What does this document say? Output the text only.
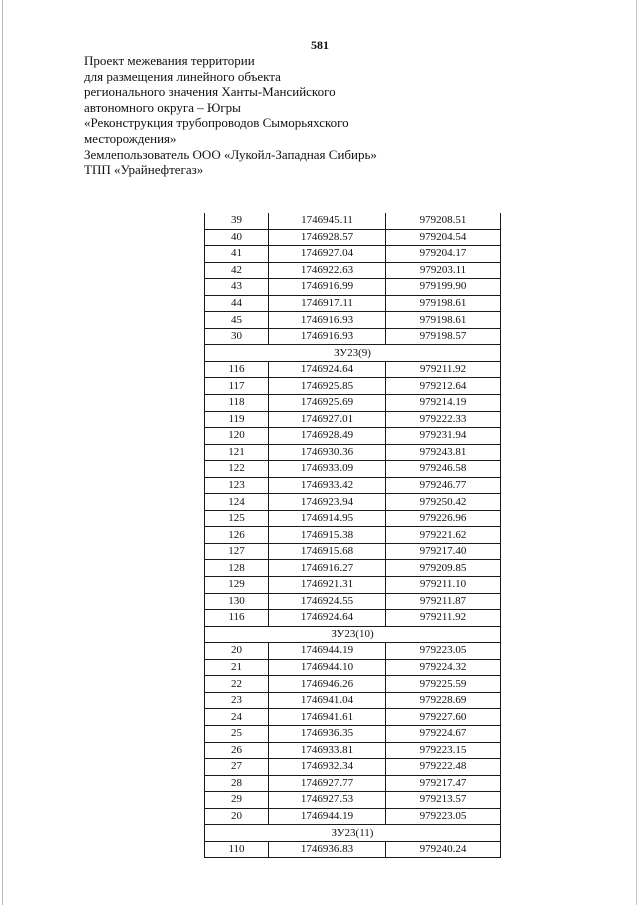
581
Проект межевания территории
для размещения линейного объекта
регионального значения Ханты-Мансийского
автономного округа – Югры
«Реконструкция трубопроводов Сыморьяхского
месторождения»
Землепользователь ООО «Лукойл-Западная Сибирь»
ТПП «Урайнефтегаз»
39	1746945.11	979208.51
40	1746928.57	979204.54
41	1746927.04	979204.17
42	1746922.63	979203.11
43	1746916.99	979199.90
44	1746917.11	979198.61
45	1746916.93	979198.61
30	1746916.93	979198.57
ЗУ23(9)		
116	1746924.64	979211.92
117	1746925.85	979212.64
118	1746925.69	979214.19
119	1746927.01	979222.33
120	1746928.49	979231.94
121	1746930.36	979243.81
122	1746933.09	979246.58
123	1746933.42	979246.77
124	1746923.94	979250.42
125	1746914.95	979226.96
126	1746915.38	979221.62
127	1746915.68	979217.40
128	1746916.27	979209.85
129	1746921.31	979211.10
130	1746924.55	979211.87
116	1746924.64	979211.92
ЗУ23(10)		
20	1746944.19	979223.05
21	1746944.10	979224.32
22	1746946.26	979225.59
23	1746941.04	979228.69
24	1746941.61	979227.60
25	1746936.35	979224.67
26	1746933.81	979223.15
27	1746932.34	979222.48
28	1746927.77	979217.47
29	1746927.53	979213.57
20	1746944.19	979223.05
ЗУ23(11)		
110	1746936.83	979240.24
